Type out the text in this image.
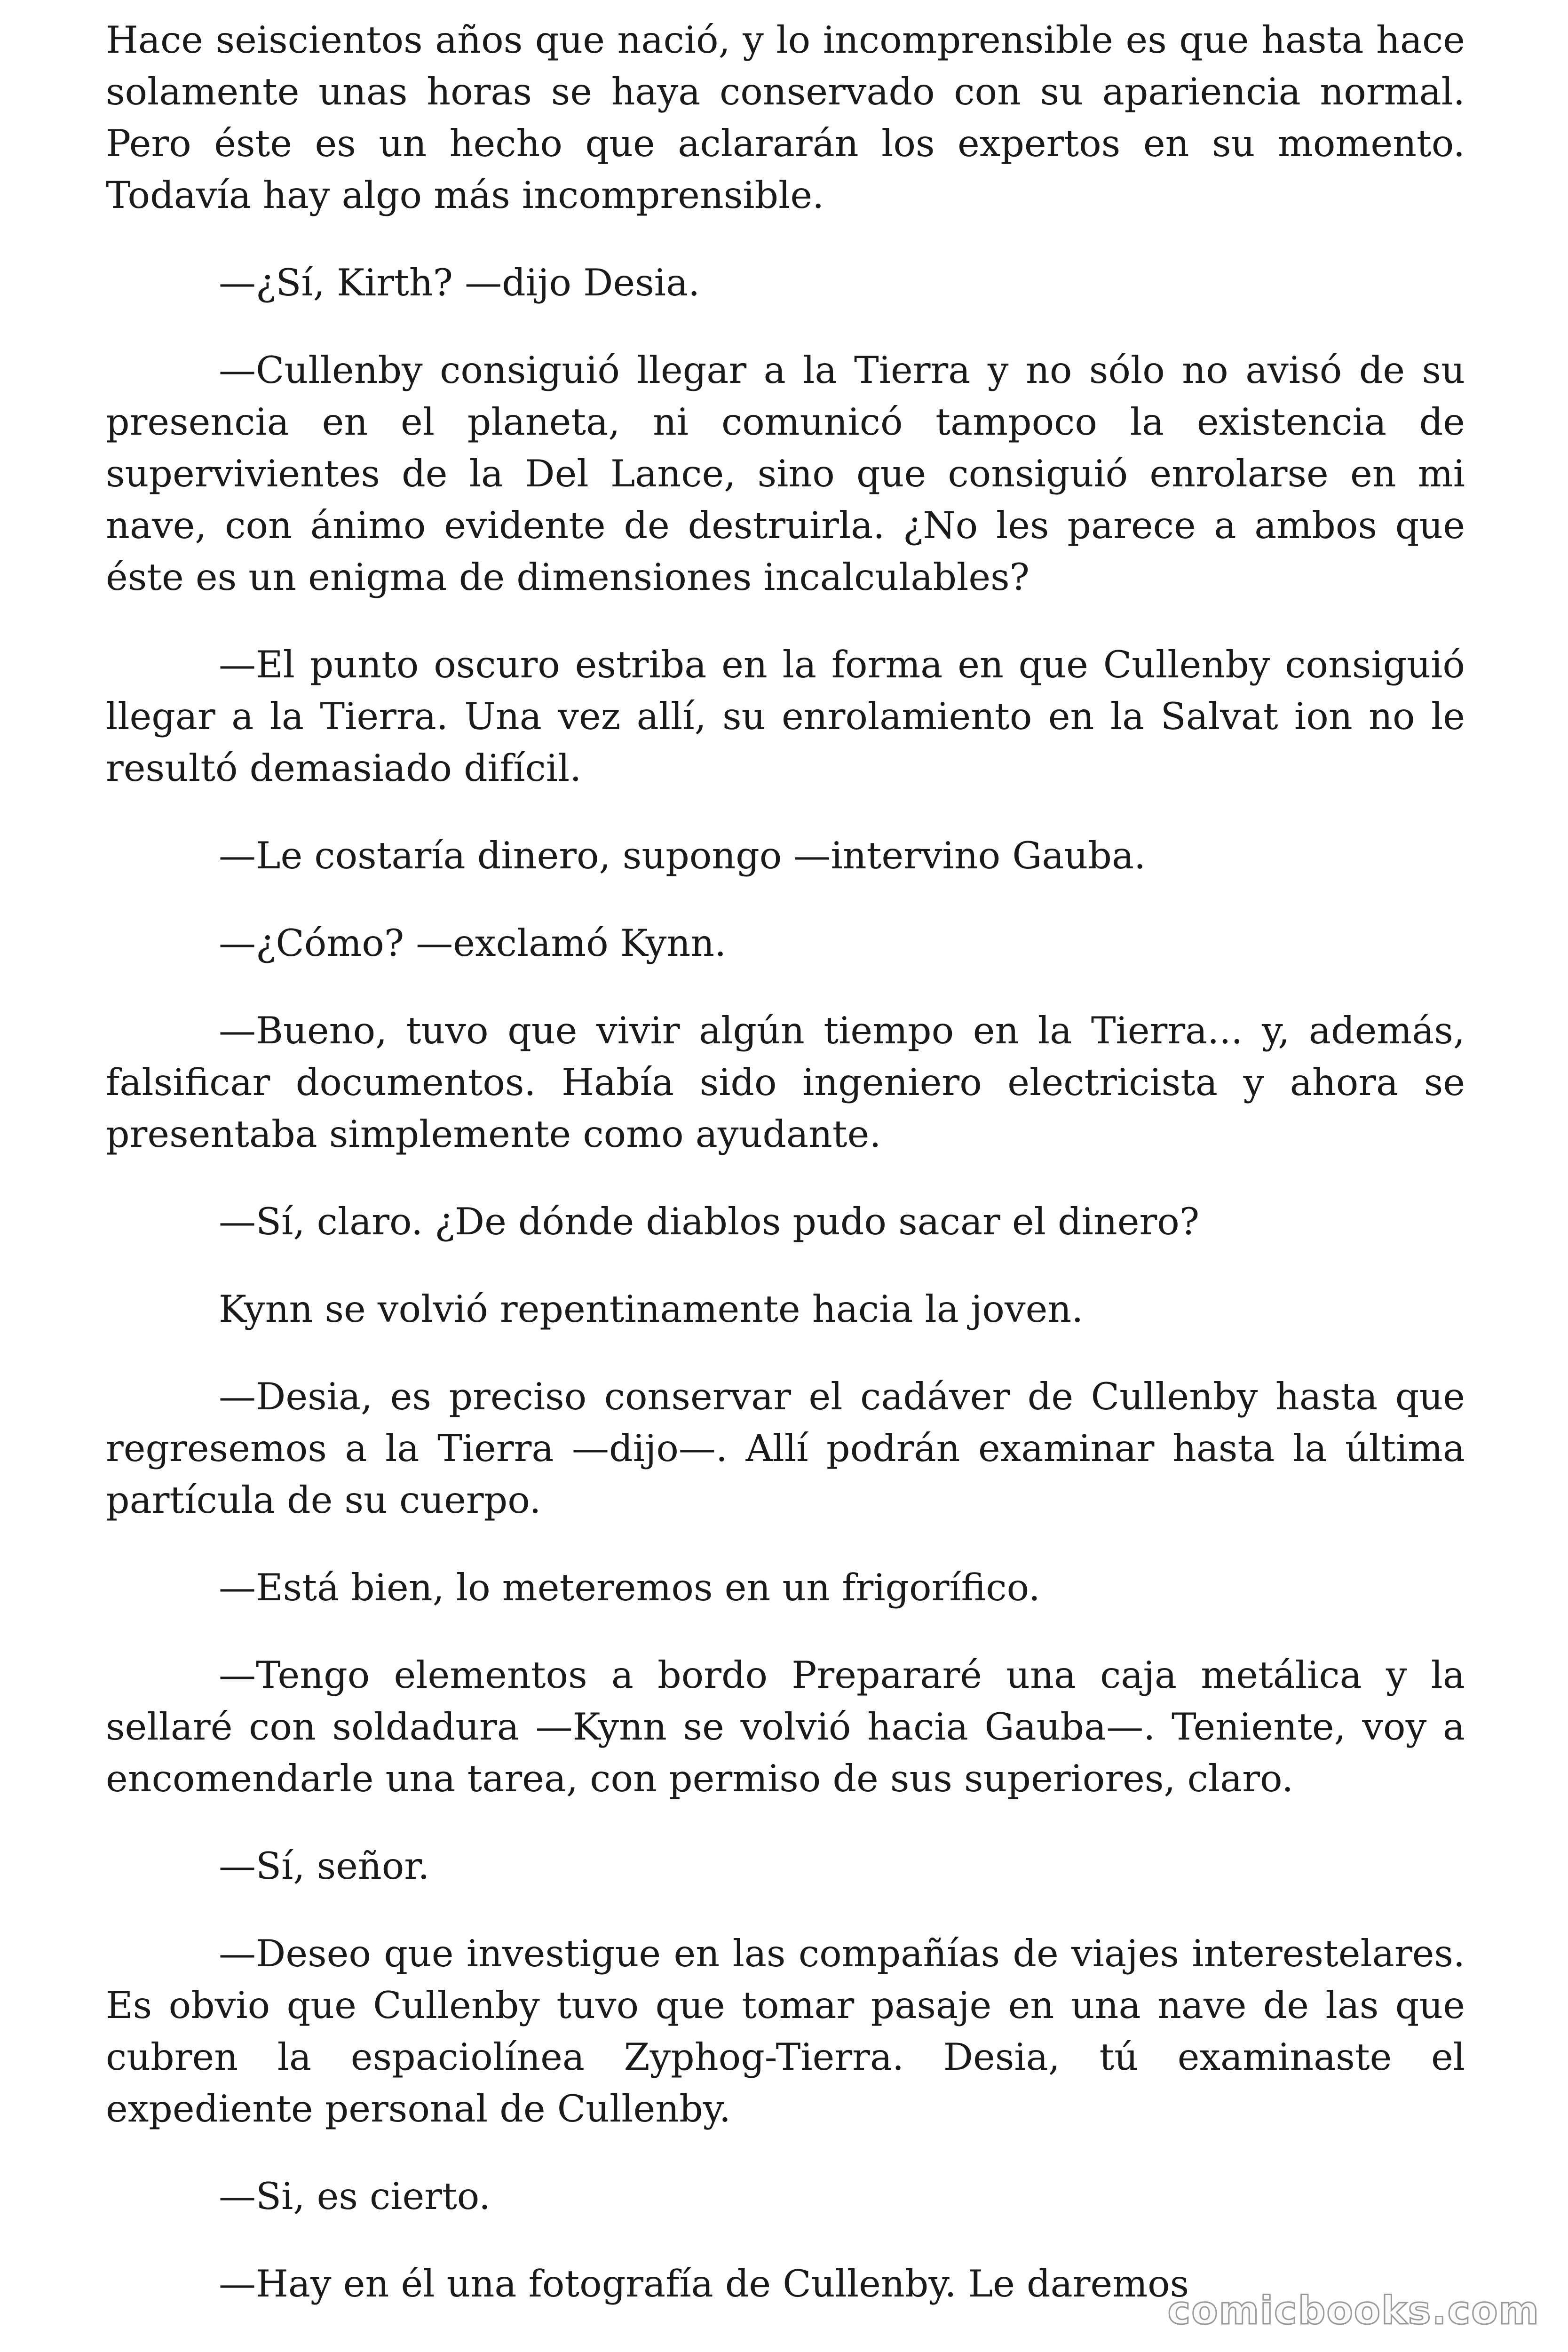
Hace seiscientos años que nació, y lo incomprensible es que hasta hace solamente unas horas se haya conservado con su apariencia normal. Pero éste es un hecho que aclararán los expertos en su momento. Todavía hay algo más incomprensible.

—¿Sí, Kirth? —dijo Desia.

—Cullenby consiguió llegar a la Tierra y no sólo no avisó de su presencia en el planeta, ni comunicó tampoco la existencia de supervivientes de la Del Lance, sino que consiguió enrolarse en mi nave, con ánimo evidente de destruirla. ¿No les parece a ambos que éste es un enigma de dimensiones incalculables?

—El punto oscuro estriba en la forma en que Cullenby consiguió llegar a la Tierra. Una vez allí, su enrolamiento en la Salvat ion no le resultó demasiado difícil.

—Le costaría dinero, supongo —intervino Gauba.

—¿Cómo? —exclamó Kynn.

—Bueno, tuvo que vivir algún tiempo en la Tierra... y, además, falsificar documentos. Había sido ingeniero electricista y ahora se presentaba simplemente como ayudante.

—Sí, claro. ¿De dónde diablos pudo sacar el dinero?

Kynn se volvió repentinamente hacia la joven.

—Desia, es preciso conservar el cadáver de Cullenby hasta que regresemos a la Tierra —dijo—. Allí podrán examinar hasta la última partícula de su cuerpo.

—Está bien, lo meteremos en un frigorífico.

—Tengo elementos a bordo Prepararé una caja metálica y la sellaré con soldadura —Kynn se volvió hacia Gauba—. Teniente, voy a encomendarle una tarea, con permiso de sus superiores, claro.

—Sí, señor.

—Deseo que investigue en las compañías de viajes interestelares. Es obvio que Cullenby tuvo que tomar pasaje en una nave de las que cubren la espaciolínea Zyphog-Tierra. Desia, tú examinaste el expediente personal de Cullenby.

—Si, es cierto.

—Hay en él una fotografía de Cullenby. Le daremos

comicbooks.com
